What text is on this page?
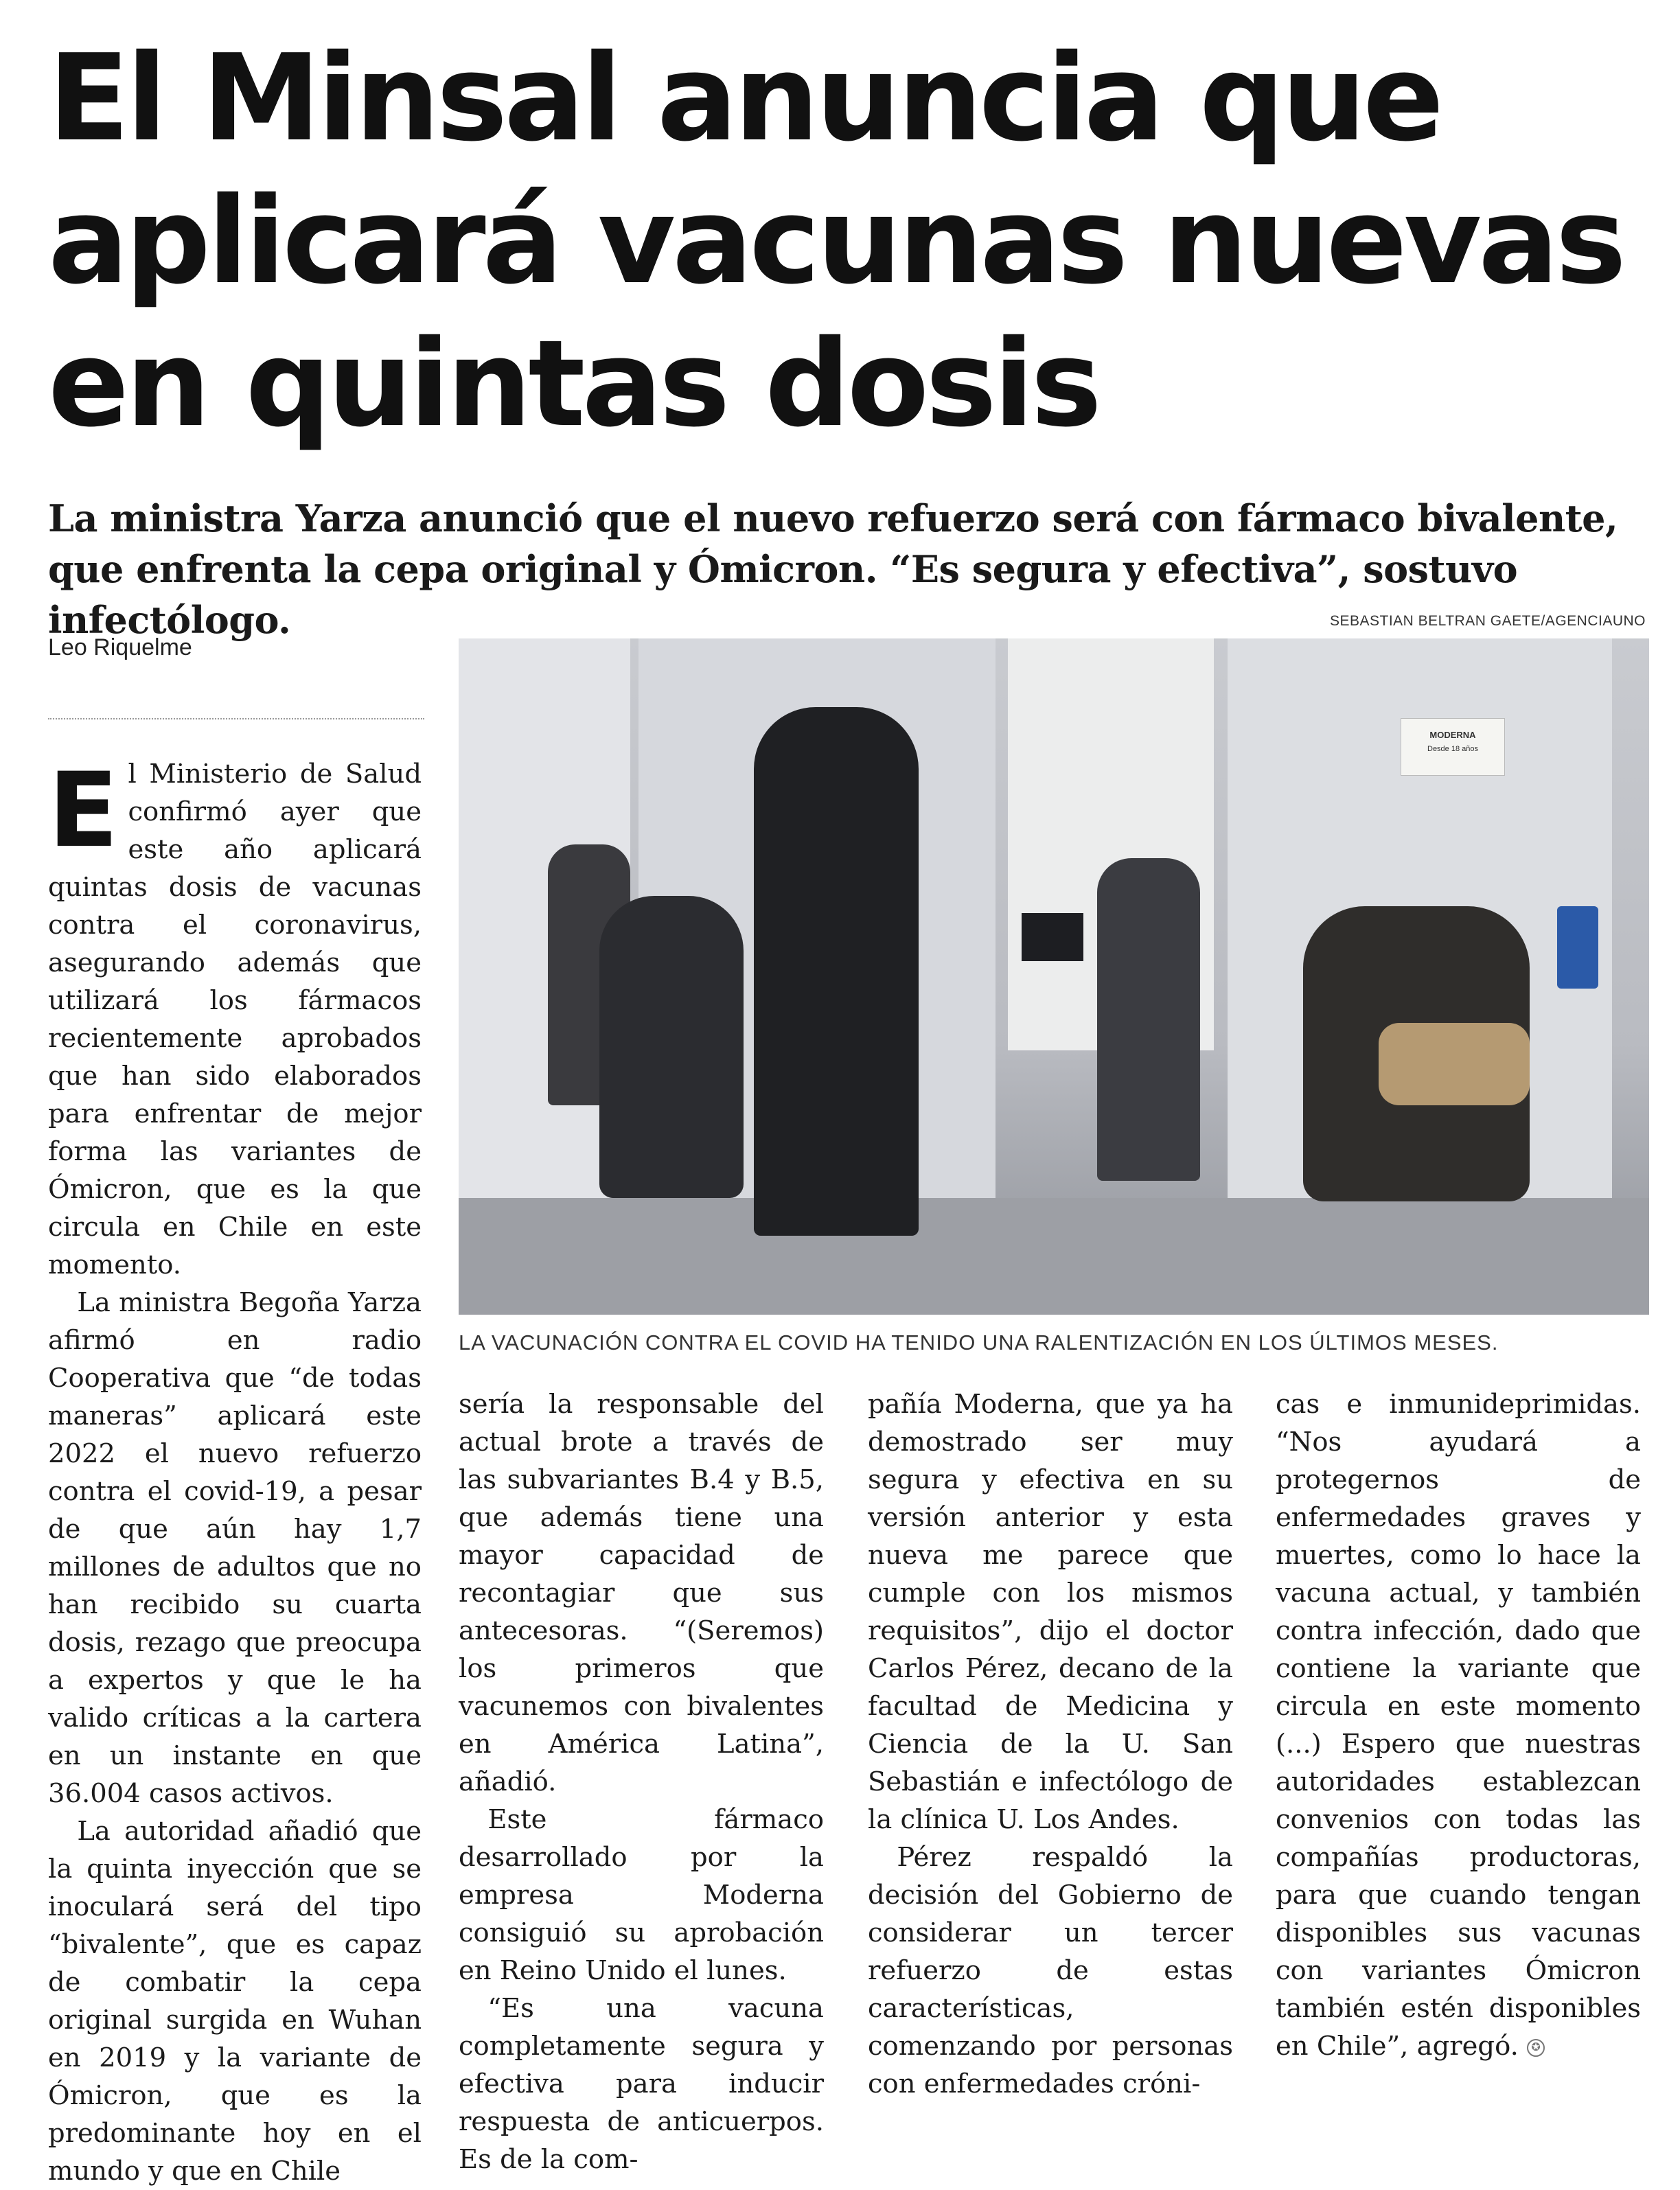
El Minsal anuncia que aplicará vacunas nuevas en quintas dosis
La ministra Yarza anunció que el nuevo refuerzo será con fármaco bivalente, que enfrenta la cepa original y Ómicron. “Es segura y efectiva”, sostuvo infectólogo.	SEBASTIAN BELTRAN GAETE/AGENCIAUNO
Leo Riquelme
MODERNA
Desde 18 años
LA VACUNACIÓN CONTRA EL COVID HA TENIDO UNA RALENTIZACIÓN EN LOS ÚLTIMOS MESES.

El Ministerio de Salud confirmó ayer que este año aplicará quintas dosis de vacunas contra el coronavirus, asegurando además que utilizará los fármacos recientemente aprobados que han sido elaborados para enfrentar de mejor forma las variantes de Ómicron, que es la que circula en Chile en este momento.

La ministra Begoña Yarza afirmó en radio Cooperativa que “de todas maneras” aplicará este 2022 el nuevo refuerzo contra el covid-19, a pesar de que aún hay 1,7 millones de adultos que no han recibido su cuarta dosis, rezago que preocupa a expertos y que le ha valido críticas a la cartera en un instante en que 36.004 casos activos.

La autoridad añadió que la quinta inyección que se inoculará será del tipo “bivalente”, que es capaz de combatir la cepa original surgida en Wuhan en 2019 y la variante de Ómicron, que es la predominante hoy en el mundo y que en Chile

sería la responsable del actual brote a través de las subvariantes B.4 y B.5, que además tiene una mayor capacidad de recontagiar que sus antecesoras. “(Seremos) los primeros que vacunemos con bivalentes en América Latina”, añadió.

Este fármaco desarrollado por la empresa Moderna consiguió su aprobación en Reino Unido el lunes.

“Es una vacuna completamente segura y efectiva para inducir respuesta de anticuerpos. Es de la com-

pañía Moderna, que ya ha demostrado ser muy segura y efectiva en su versión anterior y esta nueva me parece que cumple con los mismos requisitos”, dijo el doctor Carlos Pérez, decano de la facultad de Medicina y Ciencia de la U. San Sebastián e infectólogo de la clínica U. Los Andes.

Pérez respaldó la decisión del Gobierno de considerar un tercer refuerzo de estas características, comenzando por personas con enfermedades cróni-

cas e inmunideprimidas. “Nos ayudará a protegernos de enfermedades graves y muertes, como lo hace la vacuna actual, y también contra infección, dado que contiene la variante que circula en este momento (...) Espero que nuestras autoridades establezcan convenios con todas las compañías productoras, para que cuando tengan disponibles sus vacunas con variantes Ómicron también estén disponibles en Chile”, agregó. ✪
